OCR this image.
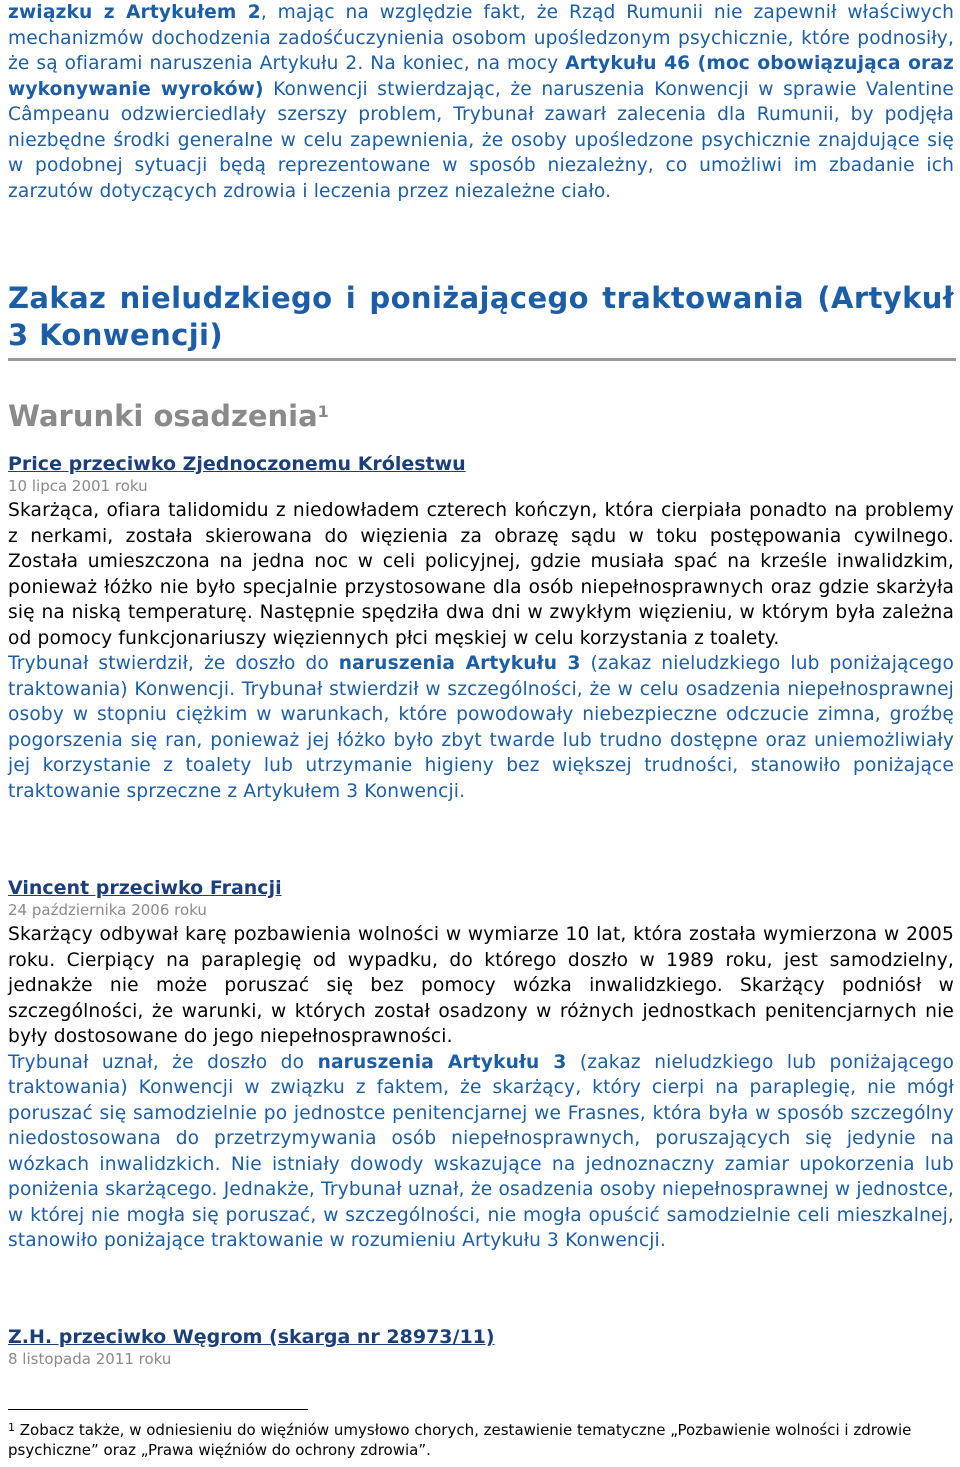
związku z Artykułem 2, mając na względzie fakt, że Rząd Rumunii nie zapewnił właściwych mechanizmów dochodzenia zadośćuczynienia osobom upośledzonym psychicznie, które podnosiły, że są ofiarami naruszenia Artykułu 2. Na koniec, na mocy Artykułu 46 (moc obowiązująca oraz wykonywanie wyroków) Konwencji stwierdzając, że naruszenia Konwencji w sprawie Valentine Câmpeanu odzwierciedlały szerszy problem, Trybunał zawarł zalecenia dla Rumunii, by podjęła niezbędne środki generalne w celu zapewnienia, że osoby upośledzone psychicznie znajdujące się w podobnej sytuacji będą reprezentowane w sposób niezależny, co umożliwi im zbadanie ich zarzutów dotyczących zdrowia i leczenia przez niezależne ciało.

Zakaz nieludzkiego i poniżającego traktowania (Artykuł 3 Konwencji)
Warunki osadzenia$^1$

Price przeciwko Zjednoczonemu Królestwu

10 lipca 2001 roku

Skarżąca, ofiara talidomidu z niedowładem czterech kończyn, która cierpiała ponadto na problemy z nerkami, została skierowana do więzienia za obrazę sądu w toku postępowania cywilnego. Została umieszczona na jedna noc w celi policyjnej, gdzie musiała spać na krześle inwalidzkim, ponieważ łóżko nie było specjalnie przystosowane dla osób niepełnosprawnych oraz gdzie skarżyła się na niską temperaturę. Następnie spędziła dwa dni w zwykłym więzieniu, w którym była zależna od pomocy funkcjonariuszy więziennych płci męskiej w celu korzystania z toalety.

Trybunał stwierdził, że doszło do naruszenia Artykułu 3 (zakaz nieludzkiego lub poniżającego traktowania) Konwencji. Trybunał stwierdził w szczególności, że w celu osadzenia niepełnosprawnej osoby w stopniu ciężkim w warunkach, które powodowały niebezpieczne odczucie zimna, groźbę pogorszenia się ran, ponieważ jej łóżko było zbyt twarde lub trudno dostępne oraz uniemożliwiały jej korzystanie z toalety lub utrzymanie higieny bez większej trudności, stanowiło poniżające traktowanie sprzeczne z Artykułem 3 Konwencji.

Vincent przeciwko Francji

24 października 2006 roku

Skarżący odbywał karę pozbawienia wolności w wymiarze 10 lat, która została wymierzona w 2005 roku. Cierpiący na paraplegię od wypadku, do którego doszło w 1989 roku, jest samodzielny, jednakże nie może poruszać się bez pomocy wózka inwalidzkiego. Skarżący podniósł w szczególności, że warunki, w których został osadzony w różnych jednostkach penitencjarnych nie były dostosowane do jego niepełnosprawności.

Trybunał uznał, że doszło do naruszenia Artykułu 3 (zakaz nieludzkiego lub poniżającego traktowania) Konwencji w związku z faktem, że skarżący, który cierpi na paraplegię, nie mógł poruszać się samodzielnie po jednostce penitencjarnej we Frasnes, która była w sposób szczególny niedostosowana do przetrzymywania osób niepełnosprawnych, poruszających się jedynie na wózkach inwalidzkich. Nie istniały dowody wskazujące na jednoznaczny zamiar upokorzenia lub poniżenia skarżącego. Jednakże, Trybunał uznał, że osadzenia osoby niepełnosprawnej w jednostce, w której nie mogła się poruszać, w szczególności, nie mogła opuścić samodzielnie celi mieszkalnej, stanowiło poniżające traktowanie w rozumieniu Artykułu 3 Konwencji.

Z.H. przeciwko Węgrom (skarga nr 28973/11)

8 listopada 2011 roku

$^1$ Zobacz także, w odniesieniu do więźniów umysłowo chorych, zestawienie tematyczne „Pozbawienie wolności i zdrowie psychiczne” oraz „Prawa więźniów do ochrony zdrowia”.
